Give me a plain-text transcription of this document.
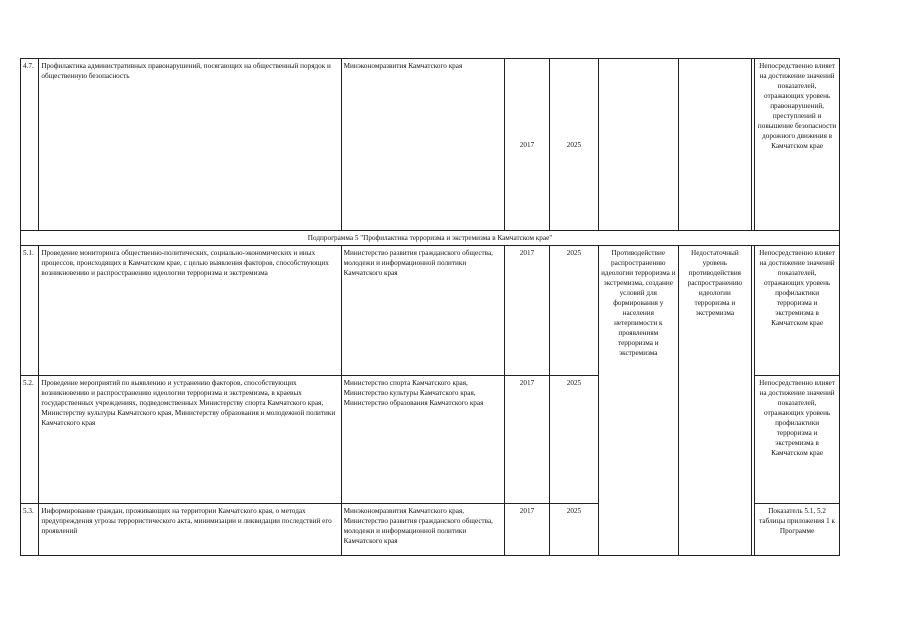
4.7.	Профилактика административных правонарушений, посягающих на общественный порядок и общественную безопасность	Минэкономразвития Камчатского края	2017	2025				Непосредственно влияет на достижение значений показателей, отражающих уровень правонарушений, преступлений и повышение безопасности дорожного движения в Камчатском крае
Подпрограмма 5 "Профилактика терроризма и экстремизма в Камчатском крае"								
5.1.	Проведение мониторинга общественно-политических, социально-экономических и иных процессов, происходящих в Камчатском крае, с целью выявления факторов, способствующих возникновению и распространению идеологии терроризма и экстремизма	Министерство развития гражданского общества, молодежи и информационной политики Камчатского края	2017	2025	Противодействие распространению идеологии терроризма и экстремизма, создание условий для формирования у населения нетерпимости к проявлениям терроризма и экстремизма	Недостаточный уровень противодействия распространению идеологии терроризма и экстремизма		Непосредственно влияет на достижение значений показателей, отражающих уровень профилактики терроризма и экстремизма в Камчатском крае
5.2.	Проведение мероприятий по выявлению и устранению факторов, способствующих возникновению и распространению идеологии терроризма и экстремизма, в краевых государственных учреждениях, подведомственных Министерству спорта Камчатского края, Министерству культуры Камчатского края, Министерству образования и молодежной политики Камчатского края	Министерство спорта Камчатского края, Министерство культуры Камчатского края, Министерство образования Камчатского края	2017	2025				Непосредственно влияет на достижение значений показателей, отражающих уровень профилактики терроризма и экстремизма в Камчатском крае
5.3.	Информирование граждан, проживающих на территории Камчатского края, о методах предупреждения угрозы террористического акта, минимизации и ликвидации последствий его проявлений	Минэкономразвития Камчатского края, Министерство развития гражданского общества, молодежи и информационной политики Камчатского края	2017	2025				Показатель 5.1, 5.2 таблицы приложения 1 к Программе
